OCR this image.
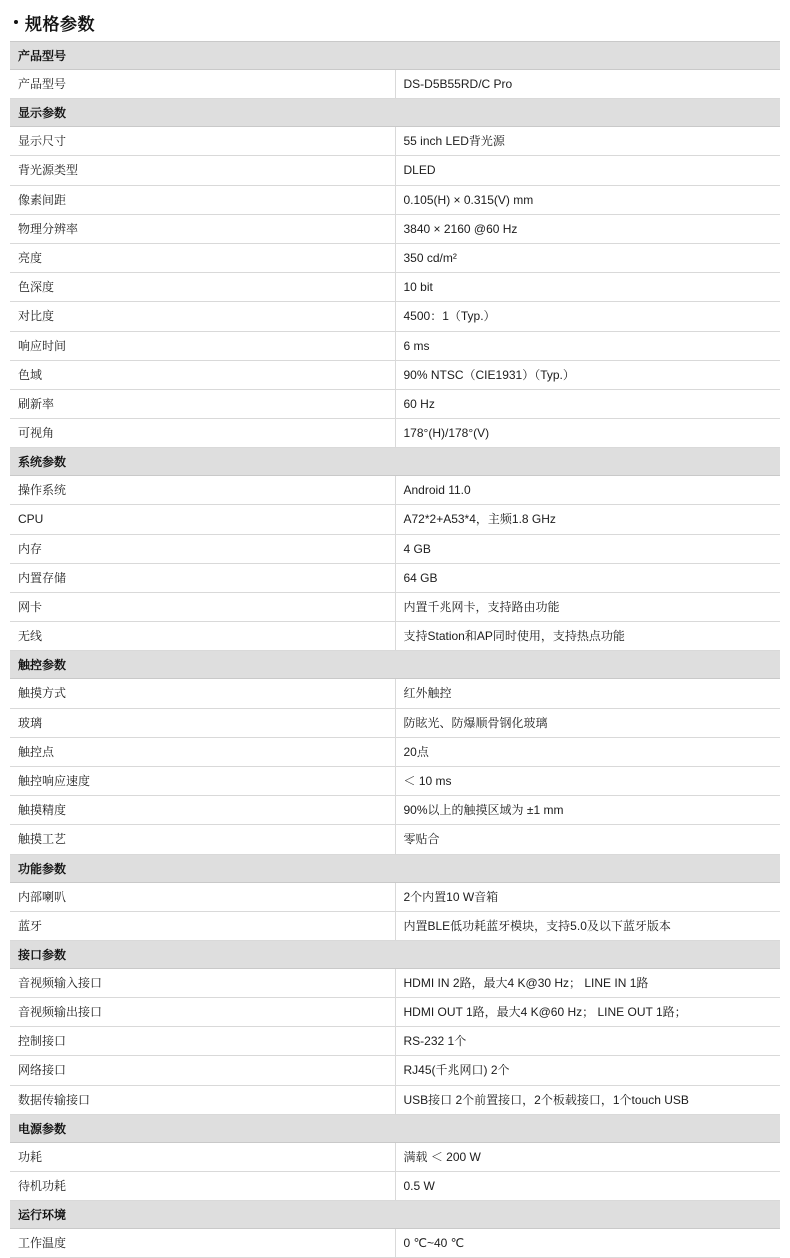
规格参数
产品型号	
产品型号	DS-D5B55RD/C Pro
显示参数	
显示尺寸	55 inch LED背光源
背光源类型	DLED
像素间距	0.105(H) × 0.315(V) mm
物理分辨率	3840 × 2160 @60 Hz
亮度	350 cd/m²
色深度	10 bit
对比度	4500：1（Typ.）
响应时间	6 ms
色域	90% NTSC（CIE1931）（Typ.）
刷新率	60 Hz
可视角	178°(H)/178°(V)
系统参数	
操作系统	Android 11.0
CPU	A72*2+A53*4，主频1.8 GHz
内存	4 GB
内置存储	64 GB
网卡	内置千兆网卡，支持路由功能
无线	支持Station和AP同时使用，支持热点功能
触控参数	
触摸方式	红外触控
玻璃	防眩光、防爆顺骨钢化玻璃
触控点	20点
触控响应速度	＜ 10 ms
触摸精度	90%以上的触摸区域为 ±1 mm
触摸工艺	零贴合
功能参数	
内部喇叭	2个内置10 W音箱
蓝牙	内置BLE低功耗蓝牙模块，支持5.0及以下蓝牙版本
接口参数	
音视频输入接口	HDMI IN 2路，最大4 K@30 Hz； LINE IN 1路
音视频输出接口	HDMI OUT 1路，最大4 K@60 Hz； LINE OUT 1路；
控制接口	RS-232 1个
网络接口	RJ45(千兆网口) 2个
数据传输接口	USB接口 2个前置接口，2个板载接口，1个touch USB
电源参数	
功耗	满载 ＜ 200 W
待机功耗	0.5 W
运行环境	
工作温度	0 ℃~40 ℃
